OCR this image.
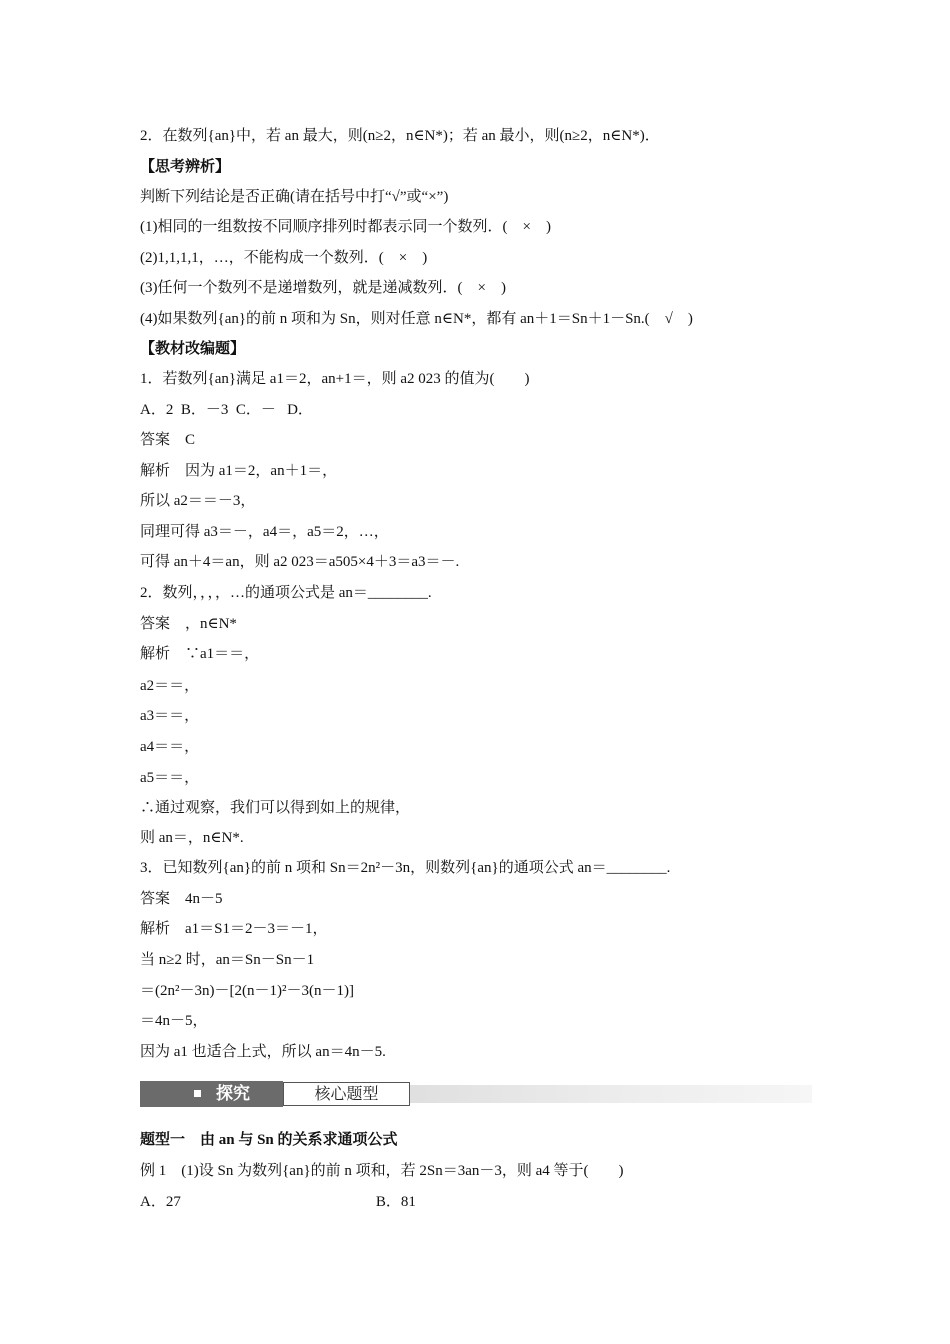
2．在数列{an}中，若 an 最大，则(n≥2，n∈N*)；若 an 最小，则(n≥2，n∈N*)．
【思考辨析】
判断下列结论是否正确(请在括号中打“√”或“×”)
(1)相同的一组数按不同顺序排列时都表示同一个数列．(　×　)
(2)1,1,1,1，…，不能构成一个数列．(　×　)
(3)任何一个数列不是递增数列，就是递减数列．(　×　)
(4)如果数列{an}的前 n 项和为 Sn，则对任意 n∈N*，都有 an＋1＝Sn＋1－Sn.(　√　)
【教材改编题】
1．若数列{an}满足 a1＝2，an+1＝，则 a2 023 的值为(　　)
A．2  B．－3  C．－   D．
答案　C
解析　因为 a1＝2，an＋1＝，
所以 a2＝＝－3，
同理可得 a3＝－，a4＝，a5＝2，…，
可得 an＋4＝an，则 a2 023＝a505×4＋3＝a3＝－.
2．数列，，，，…的通项公式是 an＝________.
答案　，n∈N*
解析　∵a1＝＝，
a2＝＝，
a3＝＝，
a4＝＝，
a5＝＝，
∴通过观察，我们可以得到如上的规律，
则 an＝，n∈N*.
3．已知数列{an}的前 n 项和 Sn＝2n²－3n，则数列{an}的通项公式 an＝________.
答案　4n－5
解析　a1＝S1＝2－3＝－1，
当 n≥2 时，an＝Sn－Sn－1
＝(2n²－3n)－[2(n－1)²－3(n－1)]
＝4n－5，
因为 a1 也适合上式，所以 an＝4n－5.
探究	核心题型
题型一　由 an 与 Sn 的关系求通项公式
例 1　(1)设 Sn 为数列{an}的前 n 项和，若 2Sn＝3an－3，则 a4 等于(　　)
A．27　　　　　　　　　　　　　B．81
